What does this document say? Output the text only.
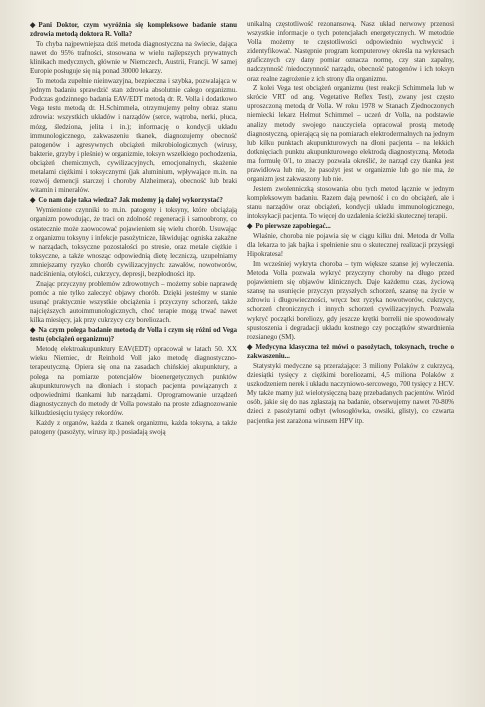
◆ Pani Doktor, czym wyróżnia się kompleksowe badanie stanu zdrowia metodą doktora R. Volla?

To chyba najpewniejsza dziś metoda diagnostyczna na świecie, dająca nawet do 95% trafności, stosowana w wielu najlepszych prywatnych klinikach medycznych, głównie w Niemczech, Austrii, Francji. W samej Europie posługuje się nią ponad 30000 lekarzy.

To metoda zupełnie nieinwazyjna, bezpieczna i szybka, pozwalająca w jednym badaniu sprawdzić stan zdrowia absolutnie całego organizmu. Podczas godzinnego badania EAV/EDT metodą dr. R. Volla i dodatkowo Vega testu metodą dr. H.Schimmela, otrzymujemy pełny obraz stanu zdrowia: wszystkich układów i narządów (serce, wątroba, nerki, płuca, mózg, śledziona, jelita i in.); informację o kondycji układu immunologicznego, zakwaszeniu tkanek, diagnozujemy obecność patogenów i agresywnych obciążeń mikrobiologicznych (wirusy, bakterie, grzyby i pleśnie) w organizmie, toksyn wszelkiego pochodzenia, obciążeń chemicznych, cywilizacyjnych, emocjonalnych, skażenie metalami ciężkimi i toksycznymi (jak aluminium, wpływające m.in. na rozwój demencji starczej i choroby Alzheimera), obecność lub braki witamin i minerałów.

◆ Co nam daje taka wiedza? Jak możemy ją dalej wykorzystać?

Wymienione czynniki to m.in. patogeny i toksyny, które obciążają organizm powodując, że traci on zdolność regeneracji i samoobrony, co ostatecznie może zaowocować pojawieniem się wielu chorób. Usuwając z organizmu toksyny i infekcje pasożytnicze, likwidując ogniska zakaźne w narządach, toksyczne pozostałości po stresie, oraz metale ciężkie i toksyczne, a także wnosząc odpowiednią dietę leczniczą, uzupełniamy zmniejszamy ryzyko chorób cywilizacyjnych: zawałów, nowotworów, nadciśnienia, otyłości, cukrzycy, depresji, bezpłodności itp.

Znając przyczyny problemów zdrowotnych – możemy sobie naprawdę pomóc a nie tylko zaleczyć objawy chorób. Dzięki jesteśmy w stanie usunąć praktycznie wszystkie obciążenia i przyczyny schorzeń, także najcięższych autoimmunologicznych, choć terapie mogą trwać nawet kilka miesięcy, jak przy cukrzycy czy boreliozach.

◆ Na czym polega badanie metodą dr Volla i czym się różni od Vega testu (obciążeń organizmu)?

Metodę elektroakupunktury EAV(EDT) opracował w latach 50. XX wieku Niemiec, dr Reinhold Voll jako metodę diagnostyczno-terapeutyczną. Opiera się ona na zasadach chińskiej akupunktury, a polega na pomiarze potencjałów bioenergetycznych punktów akupunkturowych na dłoniach i stopach pacjenta powiązanych z odpowiednimi tkankami lub narządami. Oprogramowanie urządzeń diagnostycznych do metody dr Volla powstało na proste zdiagnozowanie kilkudziesięciu tysięcy rekordów.

Każdy z organów, każda z tkanek organizmu, każda toksyna, a także patogeny (pasożyty, wirusy itp.) posiadają swoją

unikalną częstotliwość rezonansową. Nasz układ nerwowy przenosi wszystkie informacje o tych potencjałach energetycznych. W metodzie Volla możemy te częstotliwości odpowiednio wychwycić i zidentyfikować. Następnie program komputerowy określa na wykresach graficznych czy dany pomiar oznacza normę, czy stan zapalny, nadczynność /niedoczynność narządu, obecność patogenów i ich toksyn oraz realne zagrożenie z ich strony dla organizmu.

Z kolei Vega test obciążeń organizmu (test reakcji Schimmela lub w skrócie VRT od ang. Vegetative Reflex Test), zwany jest często uproszczoną metodą dr Volla. W roku 1978 w Stanach Zjednoczonych niemiecki lekarz Helmut Schimmel – uczeń dr Volla, na podstawie analizy metody swojego nauczyciela opracował prostą metodę diagnostyczną, opierającą się na pomiarach elektrodermalnych na jednym lub kilku punktach akupunkturowych na dłoni pacjenta – na lekkich dotknięciach punktu akupunkturowego elektrodą diagnostyczną. Metoda ma formułę 0/1, to znaczy pozwala określić, że narząd czy tkanka jest prawidłowa lub nie, że pasożyt jest w organizmie lub go nie ma, że organizm jest zakwaszony lub nie.

Jestem zwolenniczką stosowania obu tych metod łącznie w jednym kompleksowym badaniu. Razem dają pewność i co do obciążeń, ale i stanu narządów oraz obciążeń, kondycji układu immunologicznego, intoksykacji pacjenta. To więcej do uzdalenia ścieżki skutecznej terapii.

◆ Po pierwsze zapobiegać...

Właśnie, choroba nie pojawia się w ciągu kilku dni. Metoda dr Volla dla lekarza to jak bajka i spełnienie snu o skutecznej realizacji przysięgi Hipokratesa!

Im wcześniej wykryta choroba – tym większe szanse jej wyleczenia. Metoda Volla pozwala wykryć przyczyny choroby na długo przed pojawieniem się objawów klinicznych. Daje każdemu czas, życiową szansę na usunięcie przyczyn przyszłych schorzeń, szansę na życie w zdrowiu i długowieczności, wręcz bez ryzyka nowotworów, cukrzycy, schorzeń chronicznych i innych schorzeń cywilizacyjnych. Pozwala wykryć początki boreliozy, gdy jeszcze krętki borrelii nie spowodowały spustoszenia i degradacji układu kostnego czy początków stwardnienia rozsianego (SM).

◆ Medycyna klasyczna też mówi o pasożytach, toksynach, troche o zakwaszeniu...

Statystyki medyczne są przerażające: 3 miliony Polaków z cukrzycą, dziesiątki tysięcy z ciężkimi boreliozami, 4,5 miliona Polaków z uszkodzeniem nerek i układu naczyniowo-sercowego, 700 tysięcy z HCV. My także mamy już wielotysięczną bazę przebadanych pacjentów. Wiród osób, jakie się do nas zgłaszają na badanie, obserwujemy nawet 70-80% dzieci z pasożytami odbyt (włosogłówka, owsiki, glisty), co czwarta pacjentka jest zarażona wirusem HPV itp.
